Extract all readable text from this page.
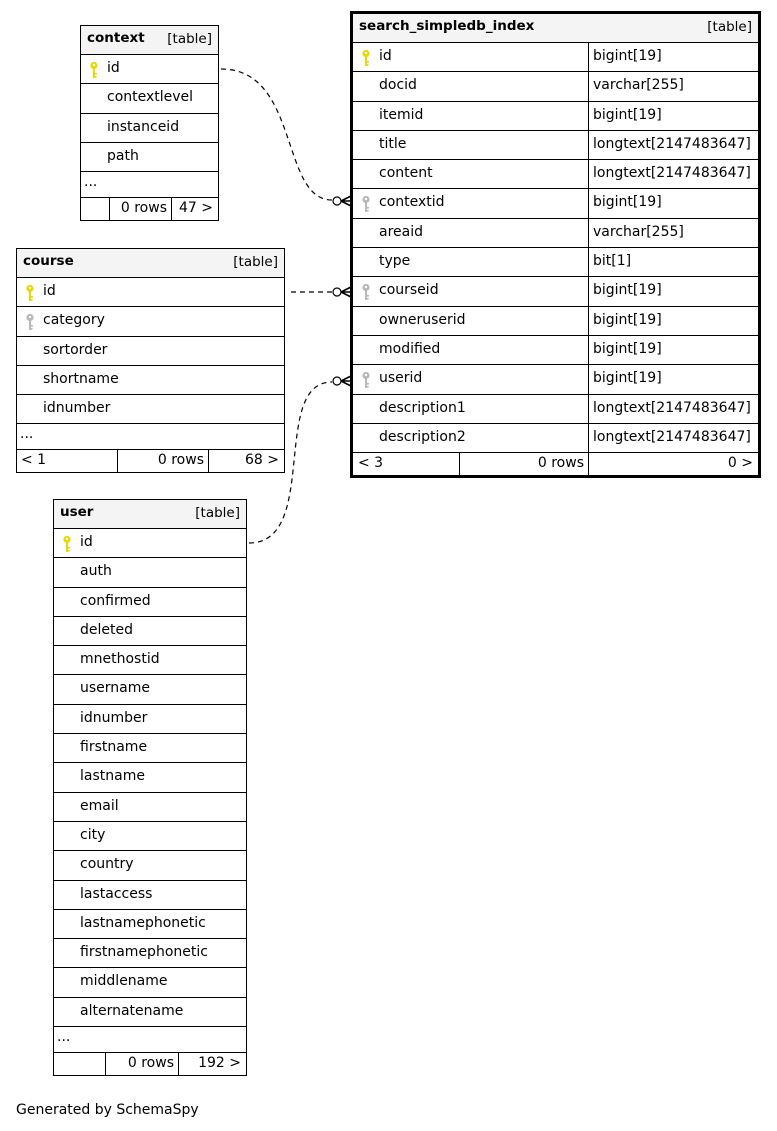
context [table]
id
contextlevel
instanceid
path
...
0 rows 47 >
course	[table]
id
category
sortorder
shortname
idnumber
...
< 1	0 rows	68 >
user	[table]
id
auth
confirmed
deleted
mnethostid
username
idnumber
firstname
lastname
email
city
country
lastaccess
lastnamephonetic
firstnamephonetic
middlename
alternatename
...
0 rows	192 >
search_simpledb_index	[table]
id	bigint[19]
docid	varchar[255]
itemid	bigint[19]
title	longtext[2147483647]
content	longtext[2147483647]
contextid	bigint[19]
areaid	varchar[255]
type	bit[1]
courseid	bigint[19]
owneruserid	bigint[19]
modified	bigint[19]
userid	bigint[19]
description1	longtext[2147483647]
description2	longtext[2147483647]
< 3	0 rows	0 >
Generated by SchemaSpy
